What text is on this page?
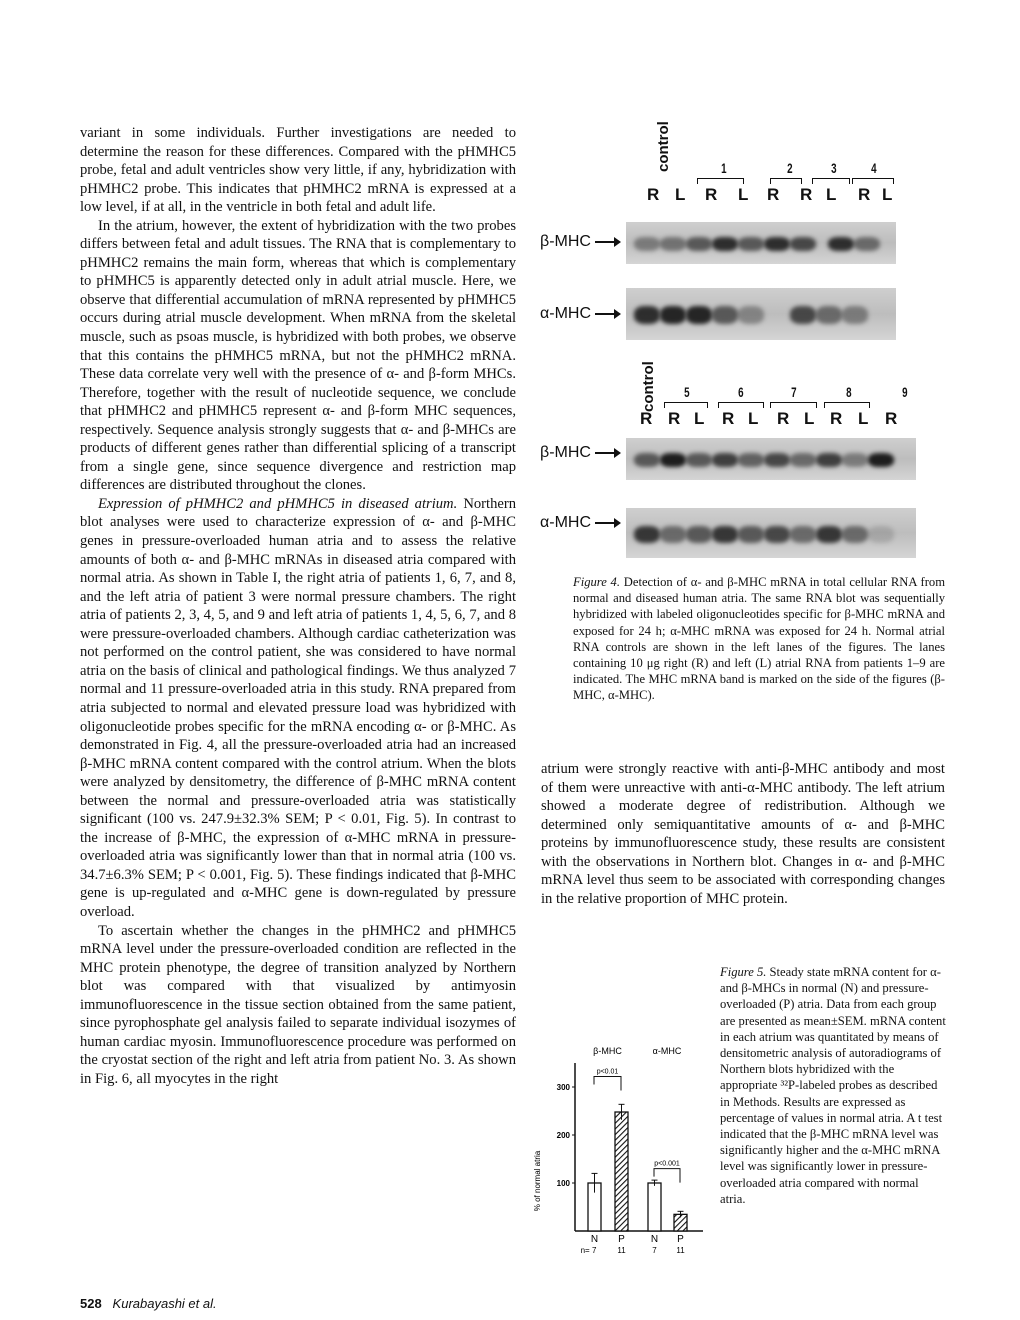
variant in some individuals. Further investigations are needed to determine the reason for these differences. Compared with the pHMHC5 probe, fetal and adult ventricles show very little, if any, hybridization with pHMHC2 probe. This indicates that pHMHC2 mRNA is expressed at a low level, if at all, in the ventricle in both fetal and adult life.

In the atrium, however, the extent of hybridization with the two probes differs between fetal and adult tissues. The RNA that is complementary to pHMHC2 remains the main form, whereas that which is complementary to pHMHC5 is apparently detected only in adult atrial muscle. Here, we observe that differential accumulation of mRNA represented by pHMHC5 occurs during atrial muscle development. When mRNA from the skeletal muscle, such as psoas muscle, is hybridized with both probes, we observe that this contains the pHMHC5 mRNA, but not the pHMHC2 mRNA. These data correlate very well with the presence of α- and β-form MHCs. Therefore, together with the result of nucleotide sequence, we conclude that pHMHC2 and pHMHC5 represent α- and β-form MHC sequences, respectively. Sequence analysis strongly suggests that α- and β-MHCs are products of different genes rather than differential splicing of a transcript from a single gene, since sequence divergence and restriction map differences are distributed throughout the clones.

Expression of pHMHC2 and pHMHC5 in diseased atrium. Northern blot analyses were used to characterize expression of α- and β-MHC genes in pressure-overloaded human atria and to assess the relative amounts of both α- and β-MHC mRNAs in diseased atria compared with normal atria. As shown in Table I, the right atria of patients 1, 6, 7, and 8, and the left atria of patient 3 were normal pressure chambers. The right atria of patients 2, 3, 4, 5, and 9 and left atria of patients 1, 4, 5, 6, 7, and 8 were pressure-overloaded chambers. Although cardiac catheterization was not performed on the control patient, she was considered to have normal atria on the basis of clinical and pathological findings. We thus analyzed 7 normal and 11 pressure-overloaded atria in this study. RNA prepared from atria subjected to normal and elevated pressure load was hybridized with oligonucleotide probes specific for the mRNA encoding α- or β-MHC. As demonstrated in Fig. 4, all the pressure-overloaded atria had an increased β-MHC mRNA content compared with the control atrium. When the blots were analyzed by densitometry, the difference of β-MHC mRNA content between the normal and pressure-overloaded atria was statistically significant (100 vs. 247.9±32.3% SEM; P < 0.01, Fig. 5). In contrast to the increase of β-MHC, the expression of α-MHC mRNA in pressure-overloaded atria was significantly lower than that in normal atria (100 vs. 34.7±6.3% SEM; P < 0.001, Fig. 5). These findings indicated that β-MHC gene is up-regulated and α-MHC gene is down-regulated by pressure overload.

To ascertain whether the changes in the pHMHC2 and pHMHC5 mRNA level under the pressure-overloaded condition are reflected in the MHC protein phenotype, the degree of transition analyzed by Northern blot was compared with that visualized by antimyosin immunofluorescence in the tissue section obtained from the same patient, since pyrophosphate gel analysis failed to separate individual isozymes of human cardiac myosin. Immunofluorescence procedure was performed on the cryostat section of the right and left atria from patient No. 3. As shown in Fig. 6, all myocytes in the right

control
R L R L R R L R L
1	2	3 4
β-MHC
α-MHC
control
R R L R L R L R L R
5	6	7	8	9
β-MHC
α-MHC
Figure 4. Detection of α- and β-MHC mRNA in total cellular RNA from normal and diseased human atria. The same RNA blot was sequentially hybridized with labeled oligonucleotides specific for β-MHC mRNA and exposed for 24 h; α-MHC mRNA was exposed for 24 h. Normal atrial RNA controls are shown in the left lanes of the figures. The lanes containing 10 μg right (R) and left (L) atrial RNA from patients 1–9 are indicated. The MHC mRNA band is marked on the side of the figures (β-MHC, α-MHC).

atrium were strongly reactive with anti-β-MHC antibody and most of them were unreactive with anti-α-MHC antibody. The left atrium showed a moderate degree of redistribution. Although we determined only semiquantitative amounts of α- and β-MHC proteins by immunofluorescence study, these results are consistent with the observations in Northern blot. Changes in α- and β-MHC mRNA level thus seem to be associated with corresponding changes in the relative proportion of MHC protein.

100
200
300
% of normal atria
β-MHC
N
n= 7
P
11
p<0.01
α-MHC
N
7
P
11
p<0.001
Figure 5. Steady state mRNA content for α- and β-MHCs in normal (N) and pressure-overloaded (P) atria. Data from each group are presented as mean±SEM. mRNA content in each atrium was quantitated by means of densitometric analysis of autoradiograms of Northern blots hybridized with the appropriate ³²P-labeled probes as described in Methods. Results are expressed as percentage of values in normal atria. A t test indicated that the β-MHC mRNA level was significantly higher and the α-MHC mRNA level was significantly lower in pressure-overloaded atria compared with normal atria.
528 Kurabayashi et al.
